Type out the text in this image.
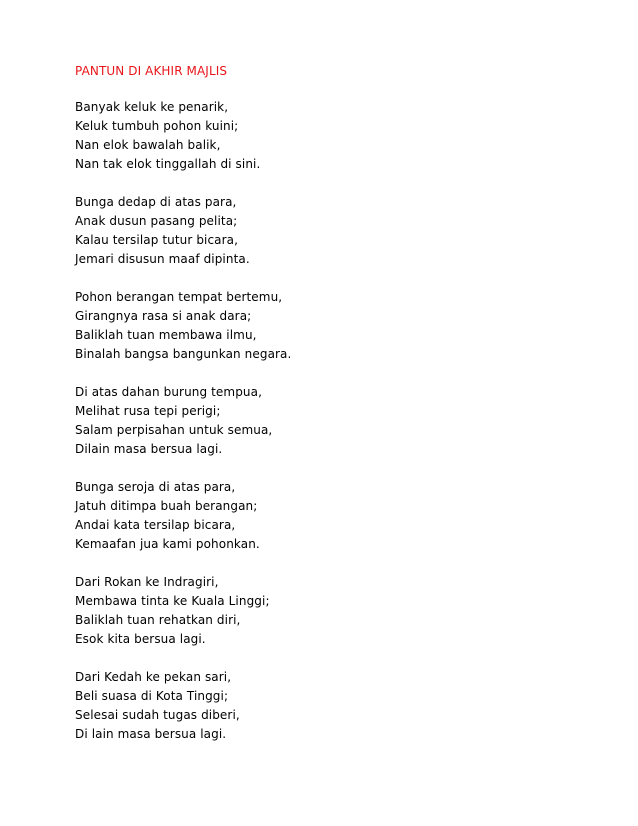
PANTUN DI AKHIR MAJLIS
Banyak keluk ke penarik,
Keluk tumbuh pohon kuini;
Nan elok bawalah balik,
Nan tak elok tinggallah di sini.
Bunga dedap di atas para,
Anak dusun pasang pelita;
Kalau tersilap tutur bicara,
Jemari disusun maaf dipinta.
Pohon berangan tempat bertemu,
Girangnya rasa si anak dara;
Baliklah tuan membawa ilmu,
Binalah bangsa bangunkan negara.
Di atas dahan burung tempua,
Melihat rusa tepi perigi;
Salam perpisahan untuk semua,
Dilain masa bersua lagi.
Bunga seroja di atas para,
Jatuh ditimpa buah berangan;
Andai kata tersilap bicara,
Kemaafan jua kami pohonkan.
Dari Rokan ke Indragiri,
Membawa tinta ke Kuala Linggi;
Baliklah tuan rehatkan diri,
Esok kita bersua lagi.
Dari Kedah ke pekan sari,
Beli suasa di Kota Tinggi;
Selesai sudah tugas diberi,
Di lain masa bersua lagi.
